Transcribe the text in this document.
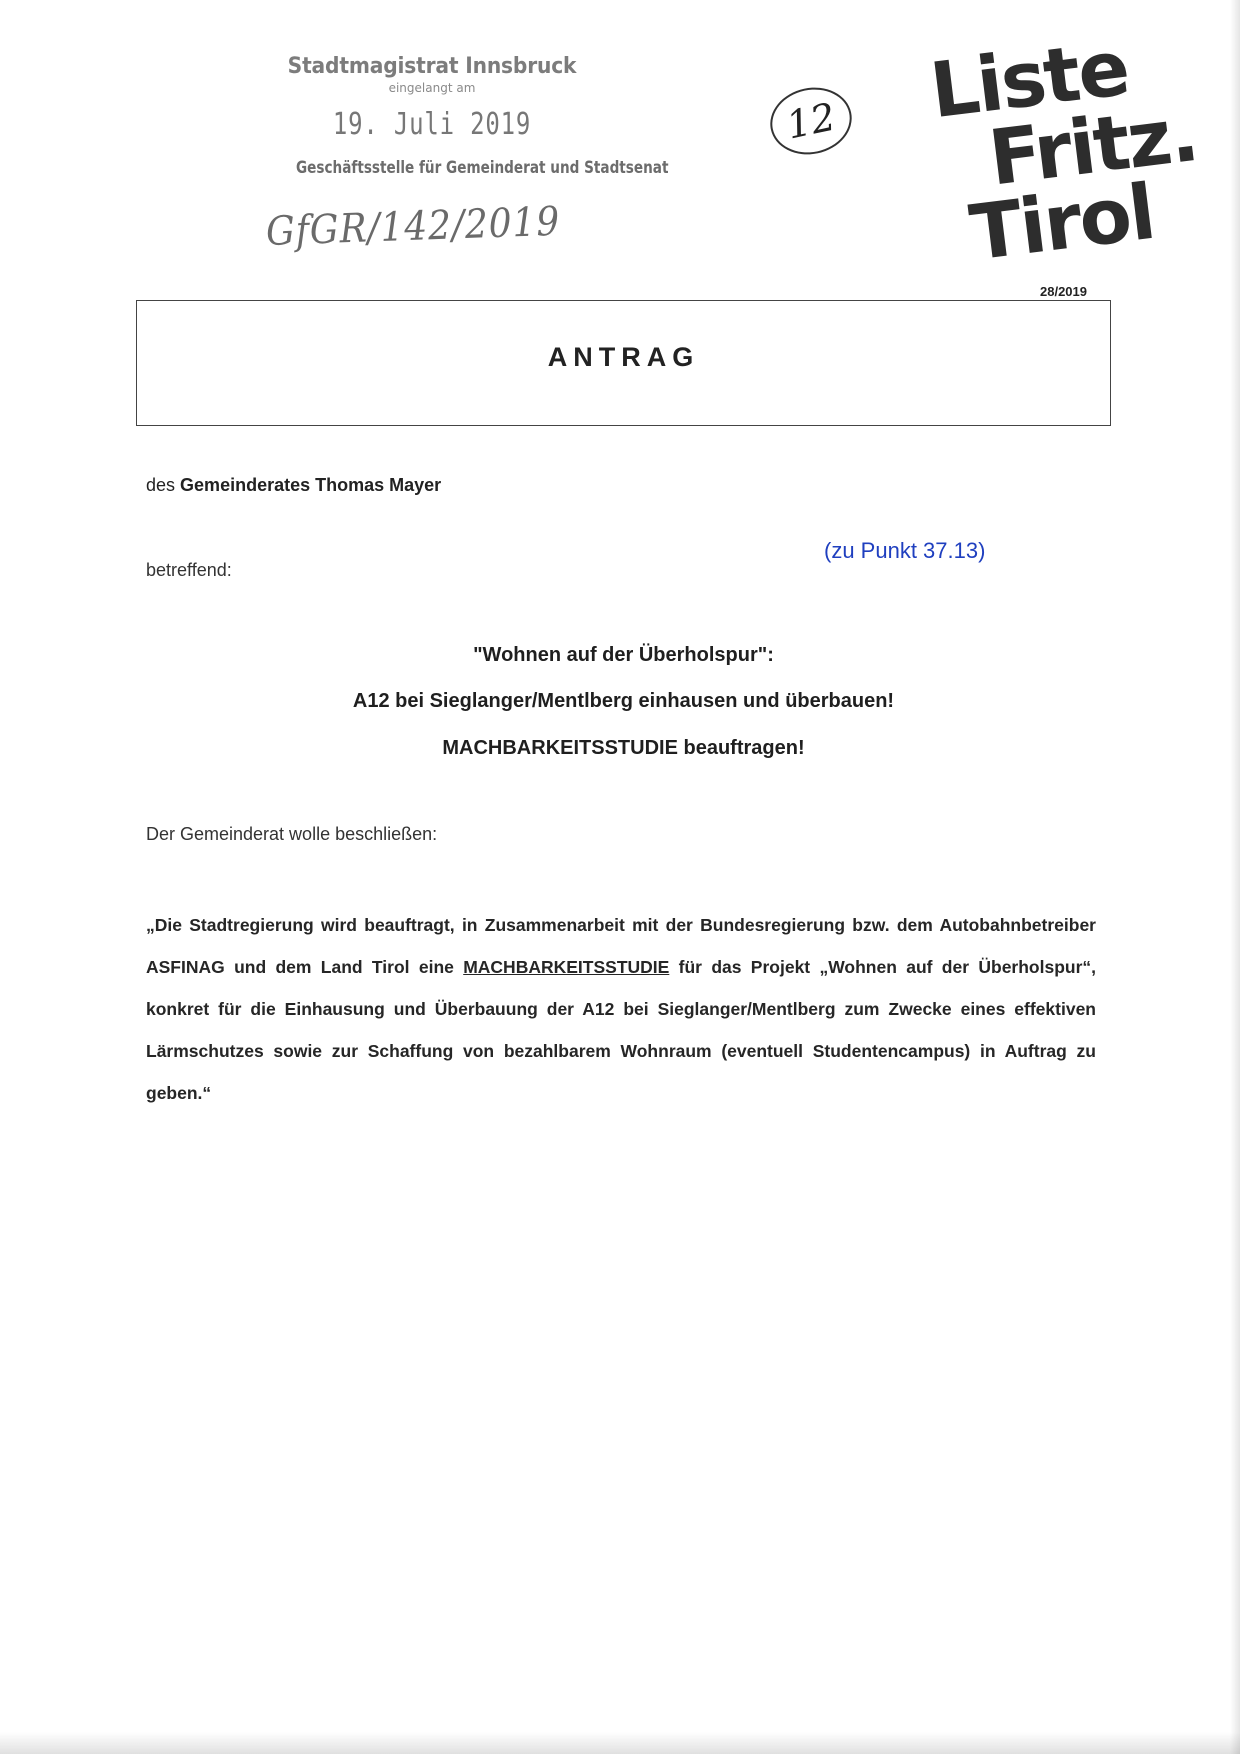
Stadtmagistrat Innsbruck
eingelangt am
19. Juli 2019
Geschäftsstelle für Gemeinderat und Stadtsenat
GfGR/142/2019
12 Liste
Fritz.
Tirol
28/2019
ANTRAG
des Gemeinderates Thomas Mayer
(zu Punkt 37.13)
betreffend:
"Wohnen auf der Überholspur":
A12 bei Sieglanger/Mentlberg einhausen und überbauen!
MACHBARKEITSSTUDIE beauftragen!
Der Gemeinderat wolle beschließen:
„Die Stadtregierung wird beauftragt, in Zusammenarbeit mit der Bundesregierung bzw. dem Autobahnbetreiber ASFINAG und dem Land Tirol eine MACHBARKEITSSTUDIE für das Projekt „Wohnen auf der Überholspur“, konkret für die Einhausung und Überbauung der A12 bei Sieglanger/Mentlberg zum Zwecke eines effektiven Lärmschutzes sowie zur Schaffung von bezahlbarem Wohnraum (eventuell Studentencampus) in Auftrag zu geben.“
